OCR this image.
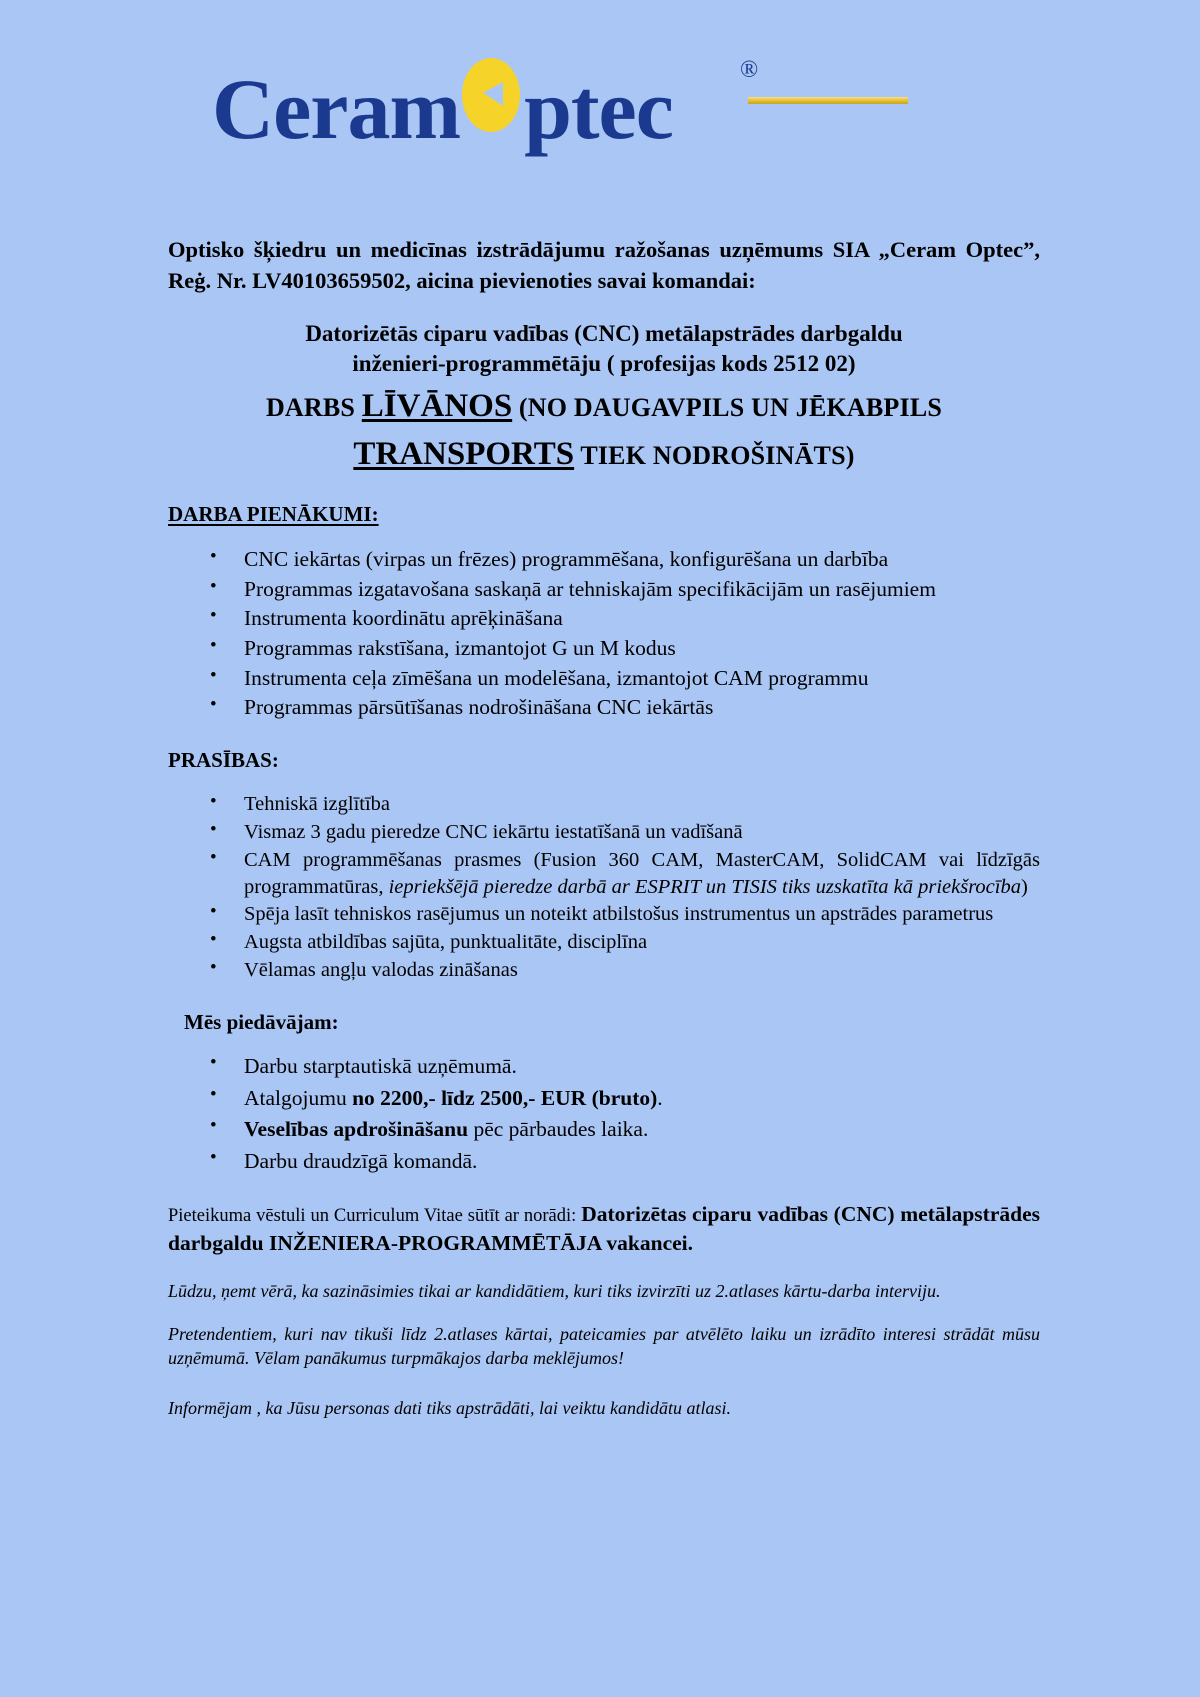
Ceram ptec	®

Optisko šķiedru un medicīnas izstrādājumu ražošanas uzņēmums SIA „Ceram Optec”, Reġ. Nr. LV40103659502, aicina pievienoties savai komandai:

Datorizētās ciparu vadības (CNC) metālapstrādes darbgaldu
inženieri-programmētāju ( profesijas kods 2512 02)
DARBS LĪVĀNOS (NO DAUGAVPILS UN JĒKABPILS
TRANSPORTS TIEK NODROŠINĀTS)
DARBA PIENĀKUMI:
• CNC iekārtas (virpas un frēzes) programmēšana, konfigurēšana un darbība
• Programmas izgatavošana saskaņā ar tehniskajām specifikācijām un rasējumiem
• Instrumenta koordinātu aprēķināšana
• Programmas rakstīšana, izmantojot G un M kodus
• Instrumenta ceļa zīmēšana un modelēšana, izmantojot CAM programmu
• Programmas pārsūtīšanas nodrošināšana CNC iekārtās
PRASĪBAS:
• Tehniskā izglītība
• Vismaz 3 gadu pieredze CNC iekārtu iestatīšanā un vadīšanā
• CAM programmēšanas prasmes (Fusion 360 CAM, MasterCAM, SolidCAM vai līdzīgās programmatūras, iepriekšējā pieredze darbā ar ESPRIT un TISIS tiks uzskatīta kā priekšrocība)
• Spēja lasīt tehniskos rasējumus un noteikt atbilstošus instrumentus un apstrādes parametrus
• Augsta atbildības sajūta, punktualitāte, disciplīna
• Vēlamas angļu valodas zināšanas
Mēs piedāvājam:
• Darbu starptautiskā uzņēmumā.
• Atalgojumu no 2200,- līdz 2500,- EUR (bruto).
• Veselības apdrošināšanu pēc pārbaudes laika.
• Darbu draudzīgā komandā.

Pieteikuma vēstuli un Curriculum Vitae sūtīt ar norādi: Datorizētas ciparu vadības (CNC) metālapstrādes darbgaldu INŽENIERA-PROGRAMMĒTĀJA vakancei.

Lūdzu, ņemt vērā, ka sazināsimies tikai ar kandidātiem, kuri tiks izvirzīti uz 2.atlases kārtu-darba interviju.

Pretendentiem, kuri nav tikuši līdz 2.atlases kārtai, pateicamies par atvēlēto laiku un izrādīto interesi strādāt mūsu uzņēmumā. Vēlam panākumus turpmākajos darba meklējumos!

Informējam , ka Jūsu personas dati tiks apstrādāti, lai veiktu kandidātu atlasi.
